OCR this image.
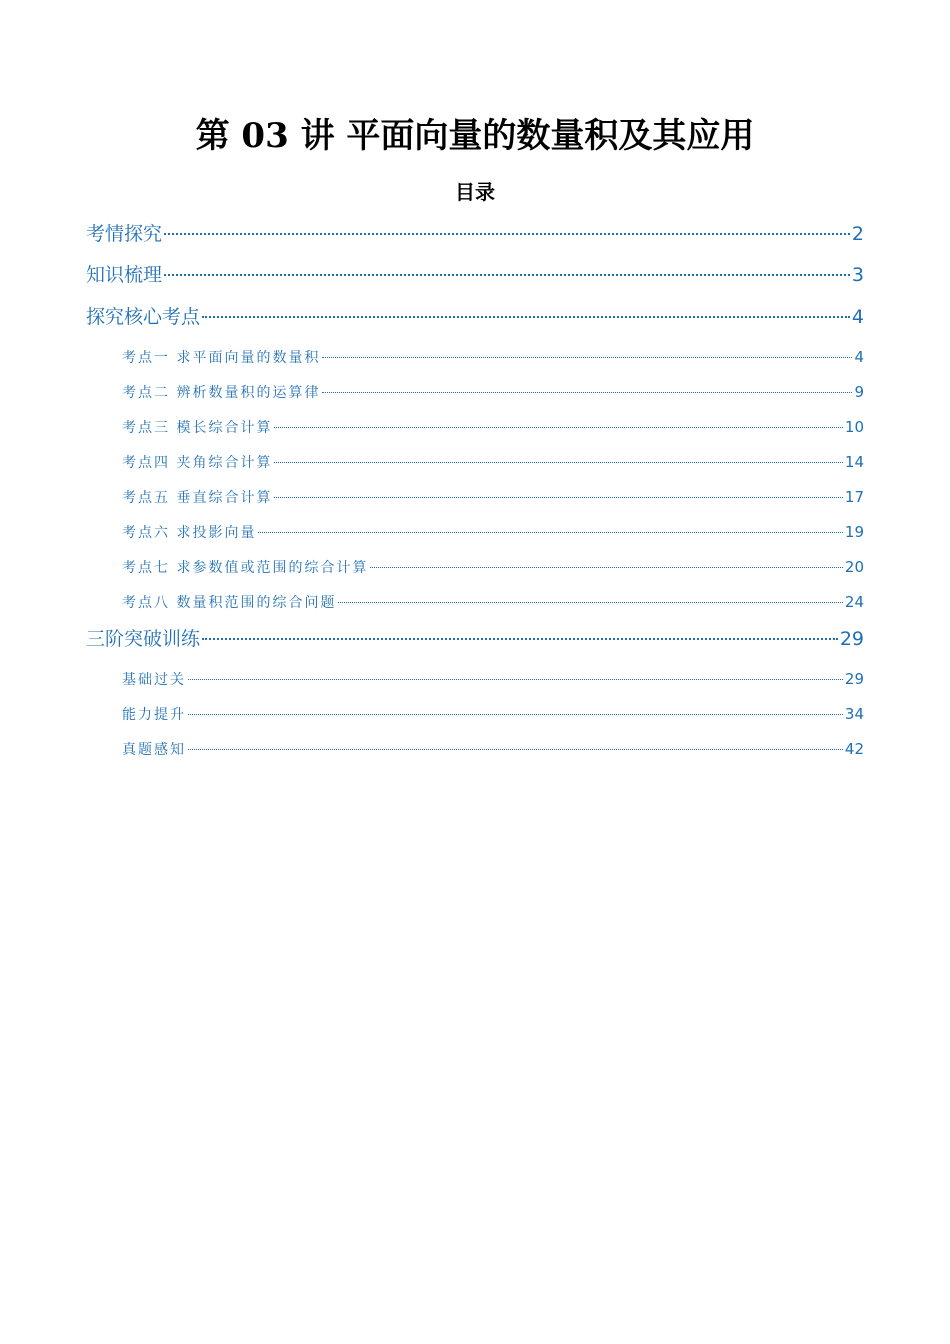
第 03 讲 平面向量的数量积及其应用
目录
考情探究	2
知识梳理	3
探究核心考点	4
考点一 求平面向量的数量积	4
考点二 辨析数量积的运算律	9
考点三 模长综合计算	10
考点四 夹角综合计算	14
考点五 垂直综合计算	17
考点六 求投影向量	19
考点七 求参数值或范围的综合计算	20
考点八 数量积范围的综合问题	24
三阶突破训练	29
基础过关	29
能力提升	34
真题感知	42
